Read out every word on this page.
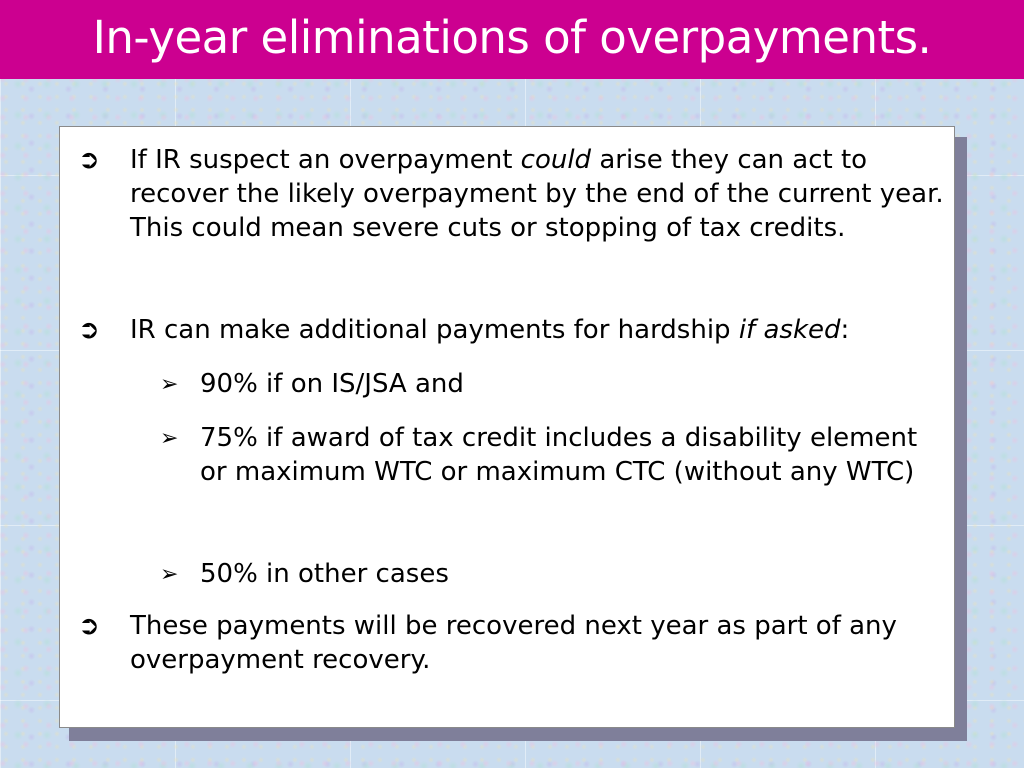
In-year eliminations of overpayments.
➲ If IR suspect an overpayment could arise they can act to recover the likely overpayment by the end of the current year. This could mean severe cuts or stopping of tax credits.

➲ IR can make additional payments for hardship if asked:

➢ 90% if on IS/JSA and

➢ 75% if award of tax credit includes a disability element or maximum WTC or maximum CTC (without any WTC)

➢ 50% in other cases

➲ These payments will be recovered next year as part of any overpayment recovery.
